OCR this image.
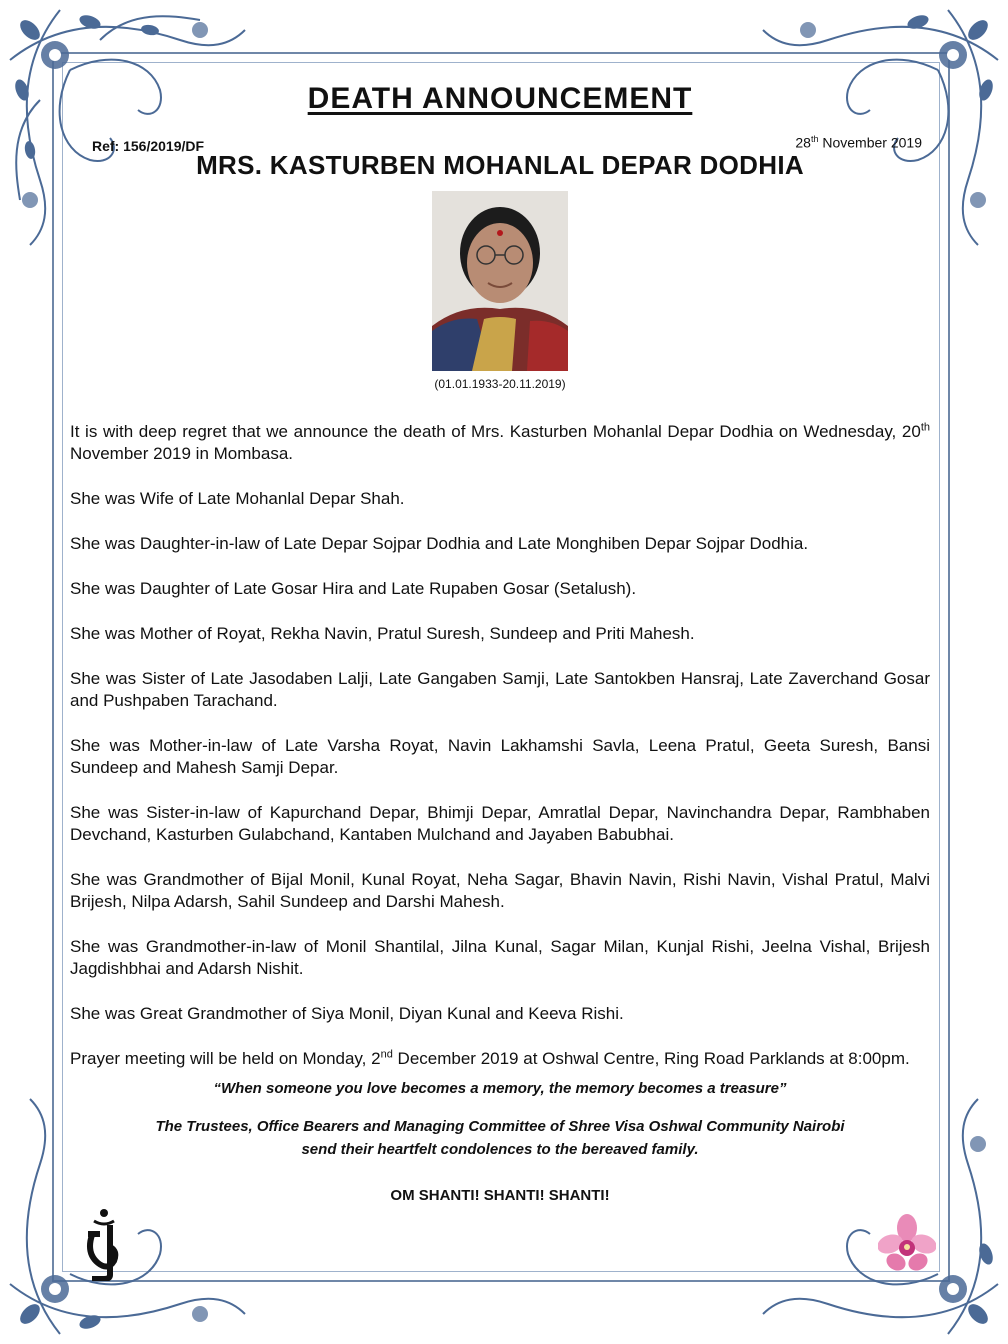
DEATH ANNOUNCEMENT
Ref: 156/2019/DF	28th November 2019
MRS. KASTURBEN MOHANLAL DEPAR DODHIA
(01.01.1933-20.11.2019)

It is with deep regret that we announce the death of Mrs. Kasturben Mohanlal Depar Dodhia on Wednesday, 20th November 2019 in Mombasa.

She was Wife of Late Mohanlal Depar Shah.

She was Daughter-in-law of Late Depar Sojpar Dodhia and Late Monghiben Depar Sojpar Dodhia.

She was Daughter of Late Gosar Hira and Late Rupaben Gosar (Setalush).

She was Mother of Royat, Rekha Navin, Pratul Suresh, Sundeep and Priti Mahesh.

She was Sister of Late Jasodaben Lalji, Late Gangaben Samji, Late Santokben Hansraj, Late Zaverchand Gosar and Pushpaben Tarachand.

She was Mother-in-law of Late Varsha Royat, Navin Lakhamshi Savla, Leena Pratul, Geeta Suresh, Bansi Sundeep and Mahesh Samji Depar.

She was Sister-in-law of Kapurchand Depar, Bhimji Depar, Amratlal Depar, Navinchandra Depar, Rambhaben Devchand, Kasturben Gulabchand, Kantaben Mulchand and Jayaben Babubhai.

She was Grandmother of Bijal Monil, Kunal Royat, Neha Sagar, Bhavin Navin, Rishi Navin, Vishal Pratul, Malvi Brijesh, Nilpa Adarsh, Sahil Sundeep and Darshi Mahesh.

She was Grandmother-in-law of Monil Shantilal, Jilna Kunal, Sagar Milan, Kunjal Rishi, Jeelna Vishal, Brijesh Jagdishbhai and Adarsh Nishit.

She was Great Grandmother of Siya Monil, Diyan Kunal and Keeva Rishi.

Prayer meeting will be held on Monday, 2nd December 2019 at Oshwal Centre, Ring Road Parklands at 8:00pm.

“When someone you love becomes a memory, the memory becomes a treasure”
The Trustees, Office Bearers and Managing Committee of Shree Visa Oshwal Community Nairobi
send their heartfelt condolences to the bereaved family.
OM SHANTI! SHANTI! SHANTI!
